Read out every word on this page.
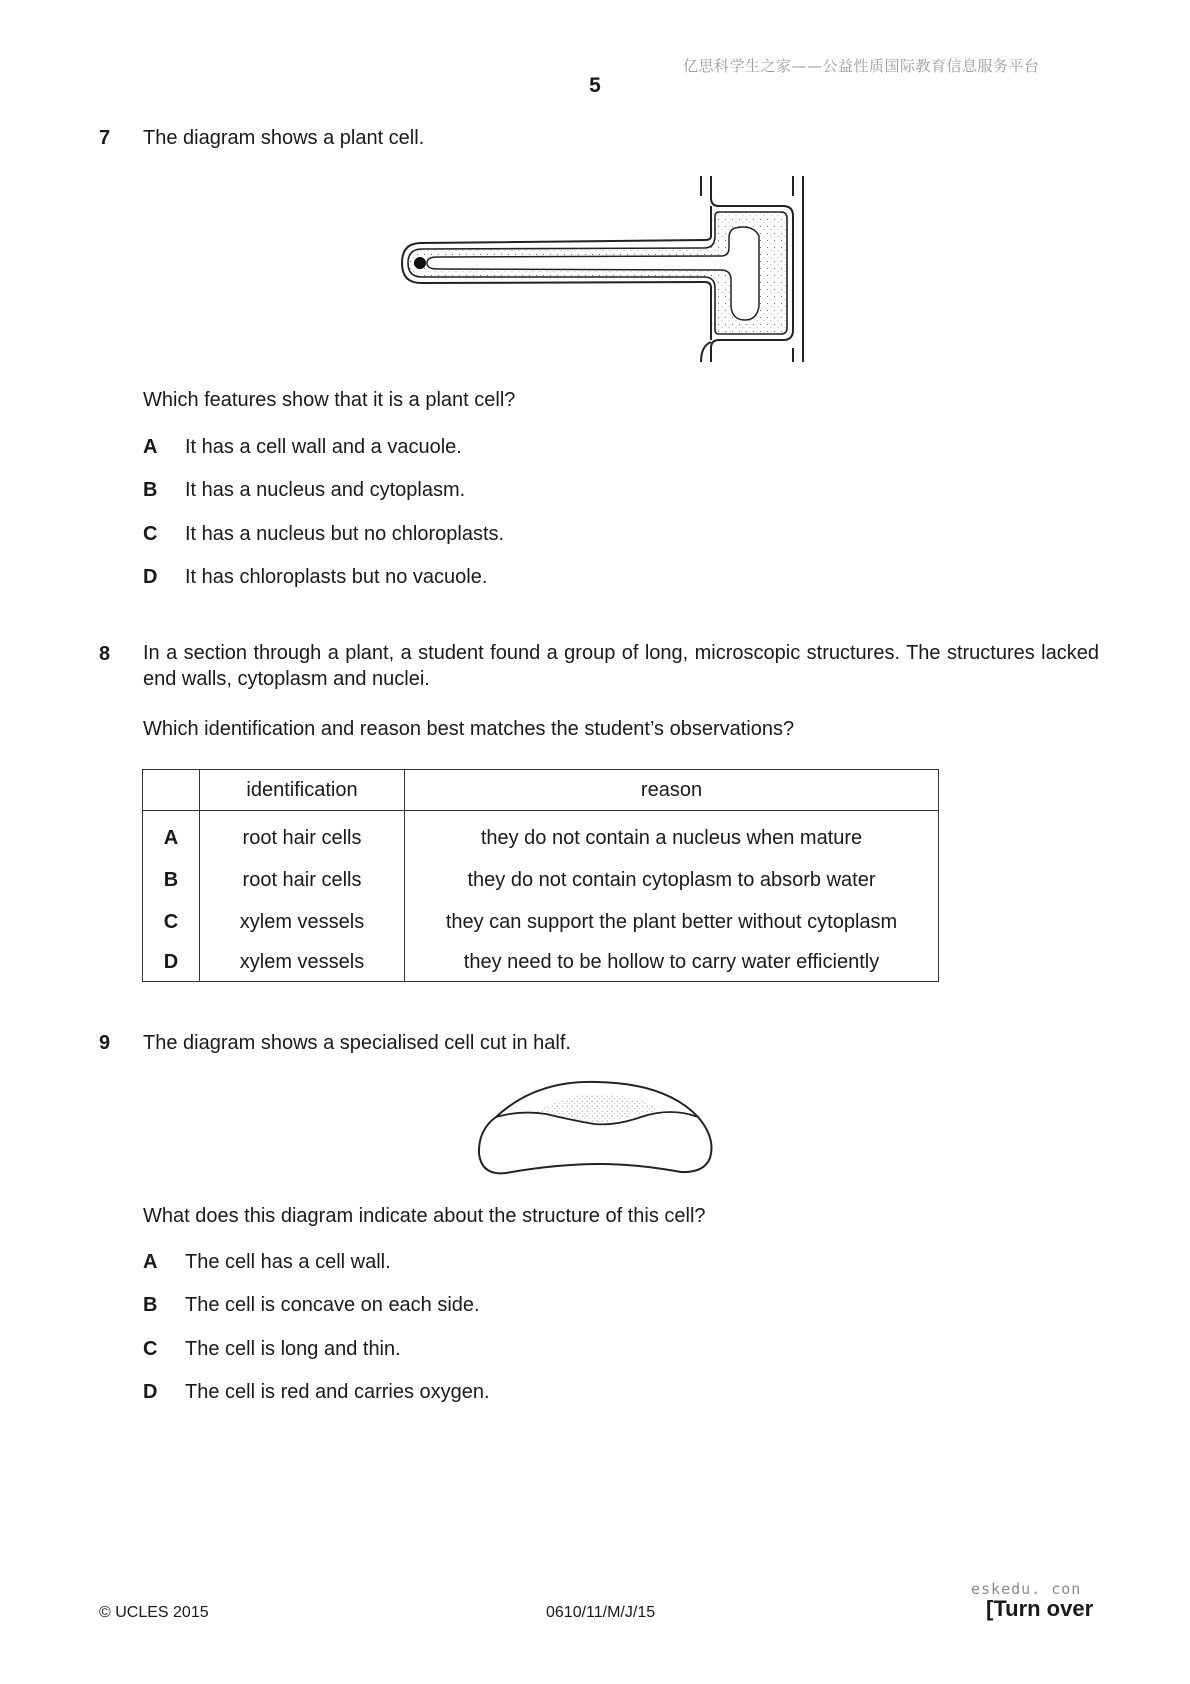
亿思科学生之家——公益性质国际教育信息服务平台
5
7 The diagram shows a plant cell.
Which features show that it is a plant cell?
A It has a cell wall and a vacuole.
B It has a nucleus and cytoplasm.
C It has a nucleus but no chloroplasts.
D It has chloroplasts but no vacuole.
8 In a section through a plant, a student found a group of long, microscopic structures. The structures lacked end walls, cytoplasm and nuclei.
Which identification and reason best matches the student’s observations?
	identification	reason
A	root hair cells	they do not contain a nucleus when mature
B	root hair cells	they do not contain cytoplasm to absorb water
C	xylem vessels	they can support the plant better without cytoplasm
D	xylem vessels	they need to be hollow to carry water efficiently
9 The diagram shows a specialised cell cut in half.
What does this diagram indicate about the structure of this cell?
A The cell has a cell wall.
B The cell is concave on each side.
C The cell is long and thin.
D The cell is red and carries oxygen.
© UCLES 2015	0610/11/M/J/15
eskedu. con
[Turn over
